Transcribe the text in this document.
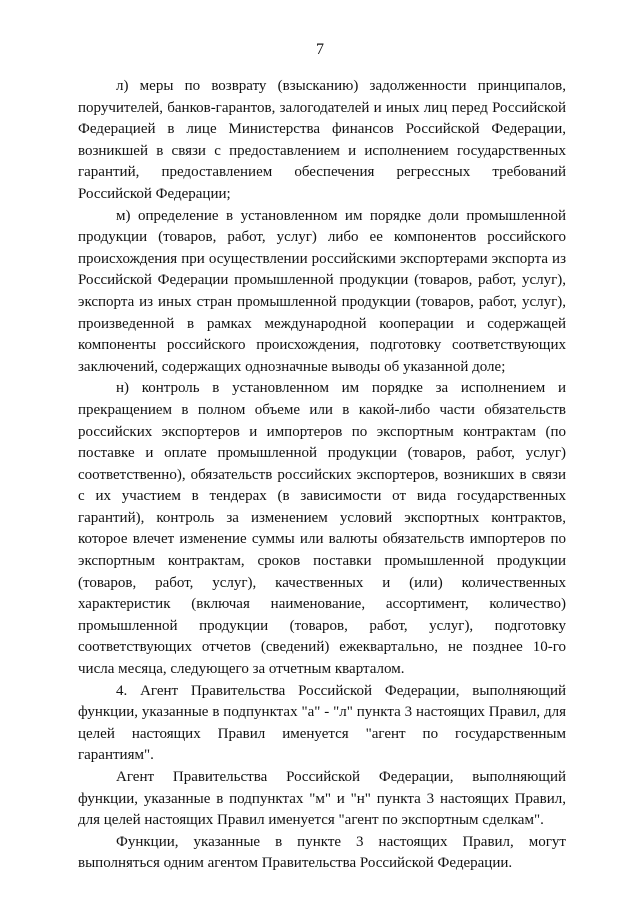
7

л) меры по возврату (взысканию) задолженности принципалов, поручителей, банков-гарантов, залогодателей и иных лиц перед Российской Федерацией в лице Министерства финансов Российской Федерации, возникшей в связи с предоставлением и исполнением государственных гарантий, предоставлением обеспечения регрессных требований Российской Федерации;

м) определение в установленном им порядке доли промышленной продукции (товаров, работ, услуг) либо ее компонентов российского происхождения при осуществлении российскими экспортерами экспорта из Российской Федерации промышленной продукции (товаров, работ, услуг), экспорта из иных стран промышленной продукции (товаров, работ, услуг), произведенной в рамках международной кооперации и содержащей компоненты российского происхождения, подготовку соответствующих заключений, содержащих однозначные выводы об указанной доле;

н) контроль в установленном им порядке за исполнением и прекращением в полном объеме или в какой-либо части обязательств российских экспортеров и импортеров по экспортным контрактам (по поставке и оплате промышленной продукции (товаров, работ, услуг) соответственно), обязательств российских экспортеров, возникших в связи с их участием в тендерах (в зависимости от вида государственных гарантий), контроль за изменением условий экспортных контрактов, которое влечет изменение суммы или валюты обязательств импортеров по экспортным контрактам, сроков поставки промышленной продукции (товаров, работ, услуг), качественных и (или) количественных характеристик (включая наименование, ассортимент, количество) промышленной продукции (товаров, работ, услуг), подготовку соответствующих отчетов (сведений) ежеквартально, не позднее 10-го числа месяца, следующего за отчетным кварталом.

4. Агент Правительства Российской Федерации, выполняющий функции, указанные в подпунктах "а" - "л" пункта 3 настоящих Правил, для целей настоящих Правил именуется "агент по государственным гарантиям".

Агент Правительства Российской Федерации, выполняющий функции, указанные в подпунктах "м" и "н" пункта 3 настоящих Правил, для целей настоящих Правил именуется "агент по экспортным сделкам".

Функции, указанные в пункте 3 настоящих Правил, могут выполняться одним агентом Правительства Российской Федерации.
